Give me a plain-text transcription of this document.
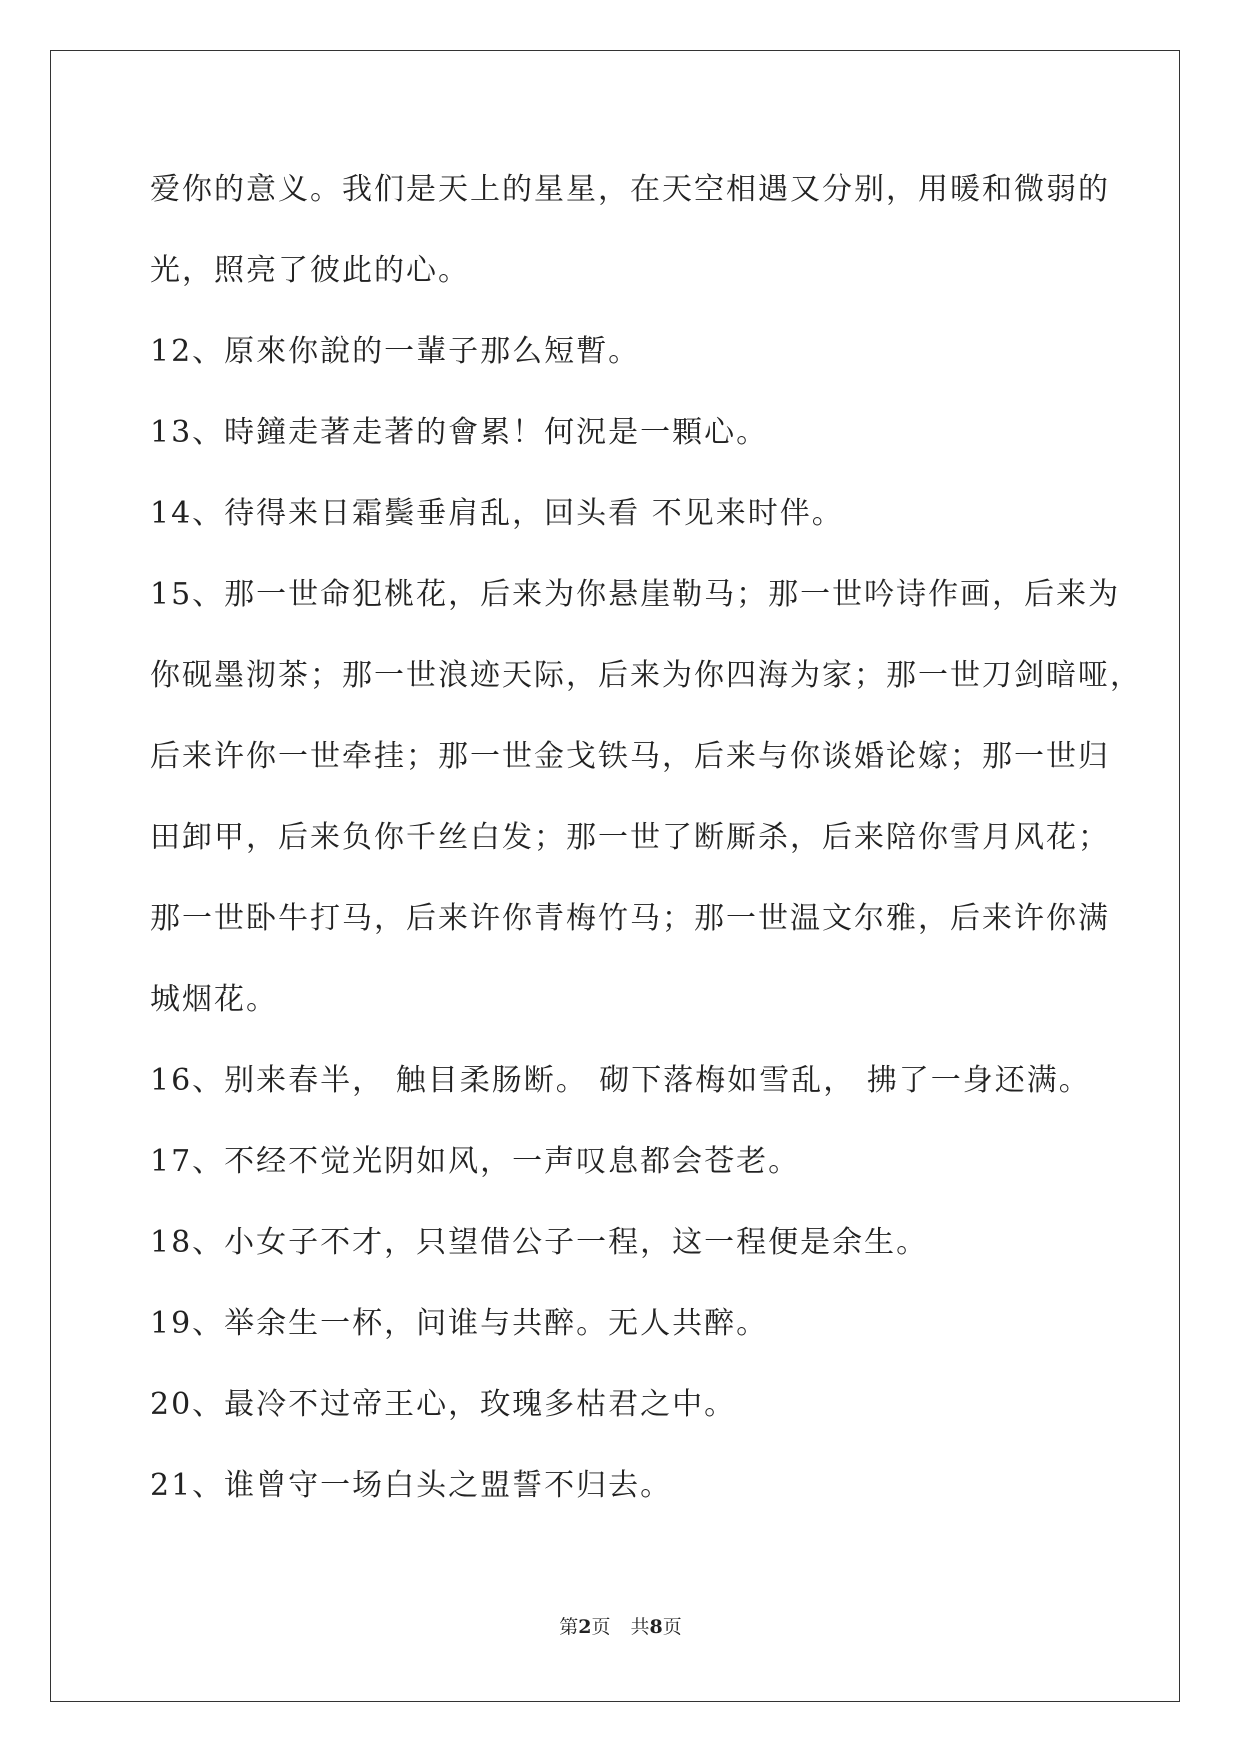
爱你的意义。我们是天上的星星，在天空相遇又分别，用暖和微弱的
光，照亮了彼此的心。
12、原來你說的一輩子那么短暫。
13、時鐘走著走著的會累！何況是一顆心。
14、待得来日霜鬓垂肩乱，回头看 不见来时伴。
15、那一世命犯桃花，后来为你悬崖勒马；那一世吟诗作画，后来为
你砚墨沏茶；那一世浪迹天际，后来为你四海为家；那一世刀剑暗哑，
后来许你一世牵挂；那一世金戈铁马，后来与你谈婚论嫁；那一世归
田卸甲，后来负你千丝白发；那一世了断厮杀，后来陪你雪月风花；
那一世卧牛打马，后来许你青梅竹马；那一世温文尔雅，后来许你满
城烟花。
16、别来春半， 触目柔肠断。 砌下落梅如雪乱， 拂了一身还满。
17、不经不觉光阴如风，一声叹息都会苍老。
18、小女子不才，只望借公子一程，这一程便是余生。
19、举余生一杯，问谁与共醉。无人共醉。
20、最冷不过帝王心，玫瑰多枯君之中。
21、谁曾守一场白头之盟誓不归去。
第2页 共8页
